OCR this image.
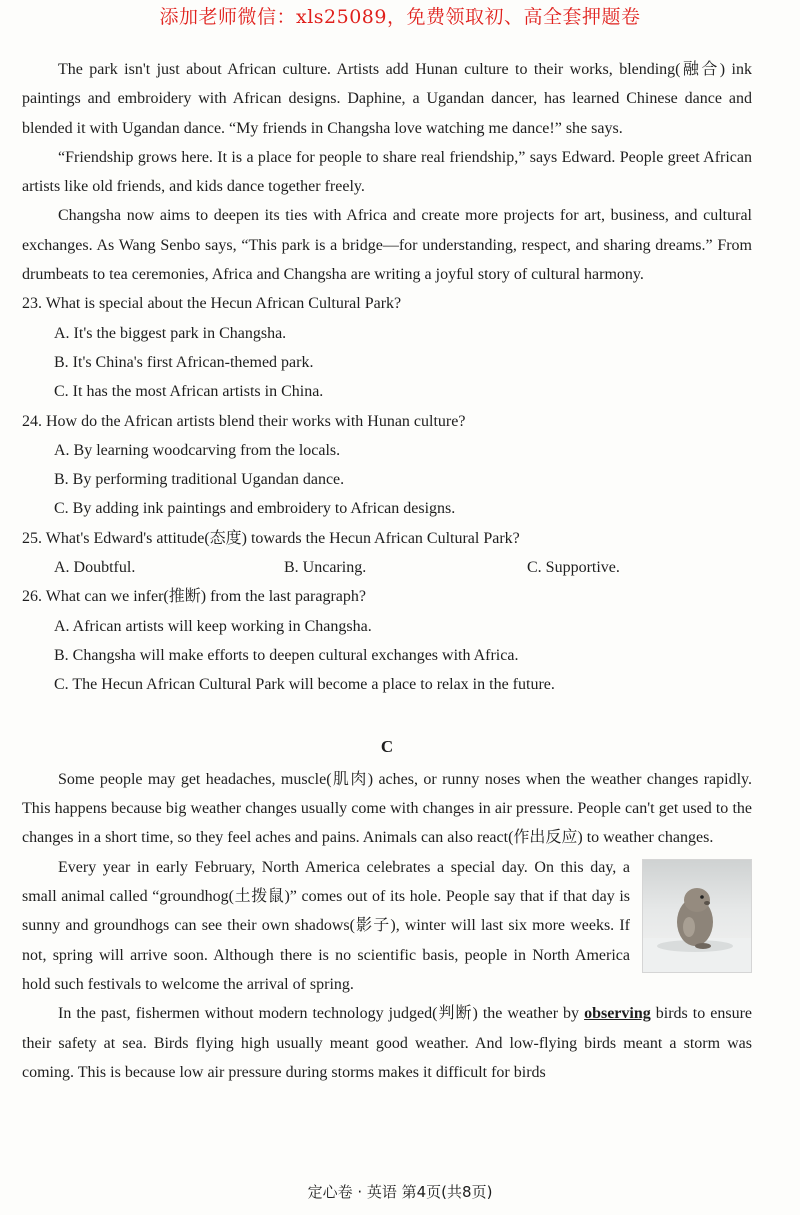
添加老师微信：xls25089，免费领取初、高全套押题卷

The park isn't just about African culture. Artists add Hunan culture to their works, blending(融合) ink paintings and embroidery with African designs. Daphine, a Ugandan dancer, has learned Chinese dance and blended it with Ugandan dance. “My friends in Changsha love watching me dance!” she says.

“Friendship grows here. It is a place for people to share real friendship,” says Edward. People greet African artists like old friends, and kids dance together freely.

Changsha now aims to deepen its ties with Africa and create more projects for art, business, and cultural exchanges. As Wang Senbo says, “This park is a bridge—for understanding, respect, and sharing dreams.” From drumbeats to tea ceremonies, Africa and Changsha are writing a joyful story of cultural harmony.

23. What is special about the Hecun African Cultural Park?

A. It's the biggest park in Changsha.

B. It's China's first African-themed park.

C. It has the most African artists in China.

24. How do the African artists blend their works with Hunan culture?

A. By learning woodcarving from the locals.

B. By performing traditional Ugandan dance.

C. By adding ink paintings and embroidery to African designs.

25. What's Edward's attitude(态度) towards the Hecun African Cultural Park?

A. Doubtful.	B. Uncaring.	C. Supportive.

26. What can we infer(推断) from the last paragraph?

A. African artists will keep working in Changsha.

B. Changsha will make efforts to deepen cultural exchanges with Africa.

C. The Hecun African Cultural Park will become a place to relax in the future.

C

Some people may get headaches, muscle(肌肉) aches, or runny noses when the weather changes rapidly. This happens because big weather changes usually come with changes in air pressure. People can't get used to the changes in a short time, so they feel aches and pains. Animals can also react(作出反应) to weather changes.

Every year in early February, North America celebrates a special day. On this day, a small animal called “groundhog(土拨鼠)” comes out of its hole. People say that if that day is sunny and groundhogs can see their own shadows(影子), winter will last six more weeks. If not, spring will arrive soon. Although there is no scientific basis, people in North America hold such festivals to welcome the arrival of spring.

In the past, fishermen without modern technology judged(判断) the weather by observing birds to ensure their safety at sea. Birds flying high usually meant good weather. And low-flying birds meant a storm was coming. This is because low air pressure during storms makes it difficult for birds

定心卷 · 英语 第4页(共8页)
